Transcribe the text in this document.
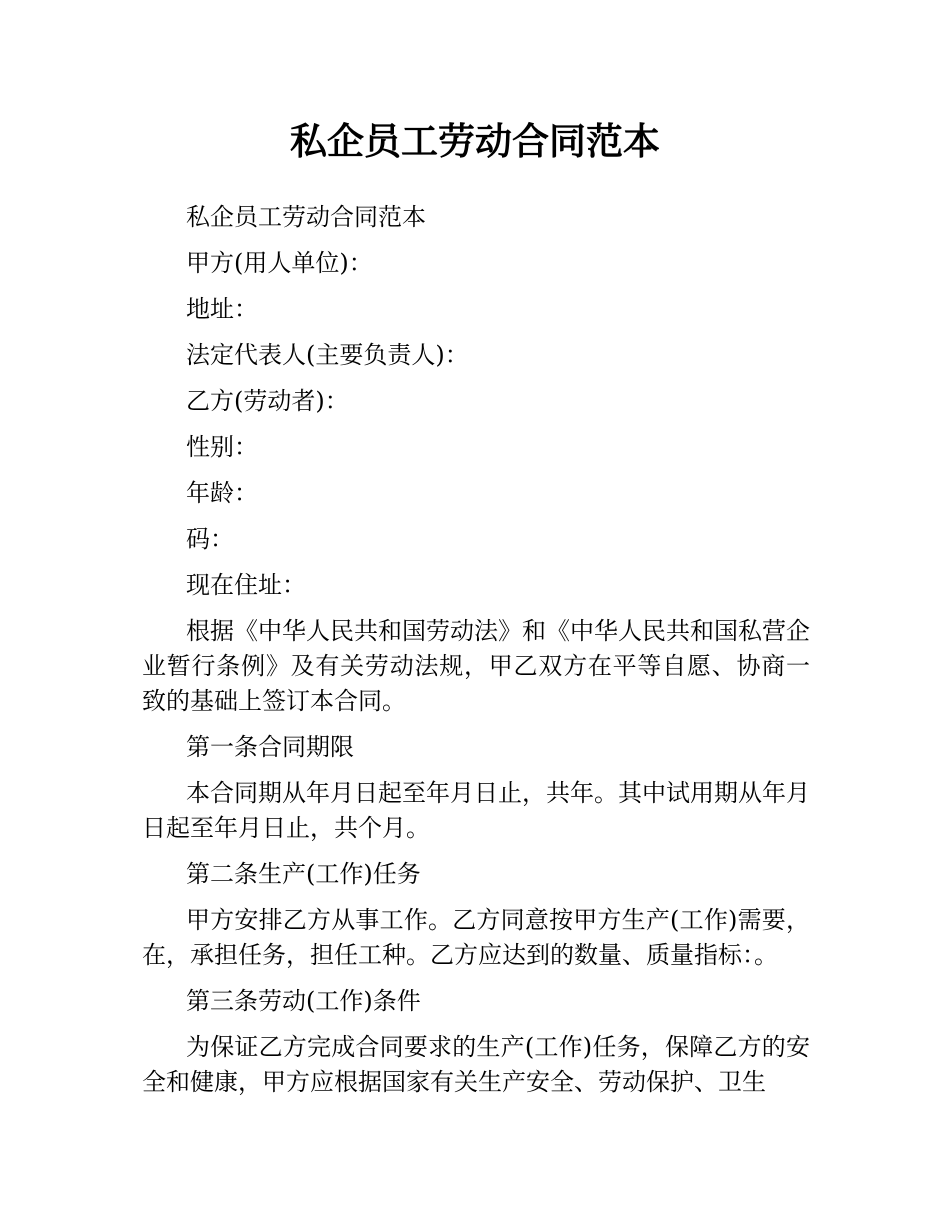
私企员工劳动合同范本

私企员工劳动合同范本

甲方(用人单位)：

地址：

法定代表人(主要负责人)：

乙方(劳动者)：

性别：

年龄：

码：

现在住址：

根据《中华人民共和国劳动法》和《中华人民共和国私营企业暂行条例》及有关劳动法规，甲乙双方在平等自愿、协商一致的基础上签订本合同。

第一条合同期限

本合同期从年月日起至年月日止，共年。其中试用期从年月日起至年月日止，共个月。

第二条生产(工作)任务

甲方安排乙方从事工作。乙方同意按甲方生产(工作)需要，在，承担任务，担任工种。乙方应达到的数量、质量指标：。

第三条劳动(工作)条件

为保证乙方完成合同要求的生产(工作)任务，保障乙方的安全和健康，甲方应根据国家有关生产安全、劳动保护、卫生
